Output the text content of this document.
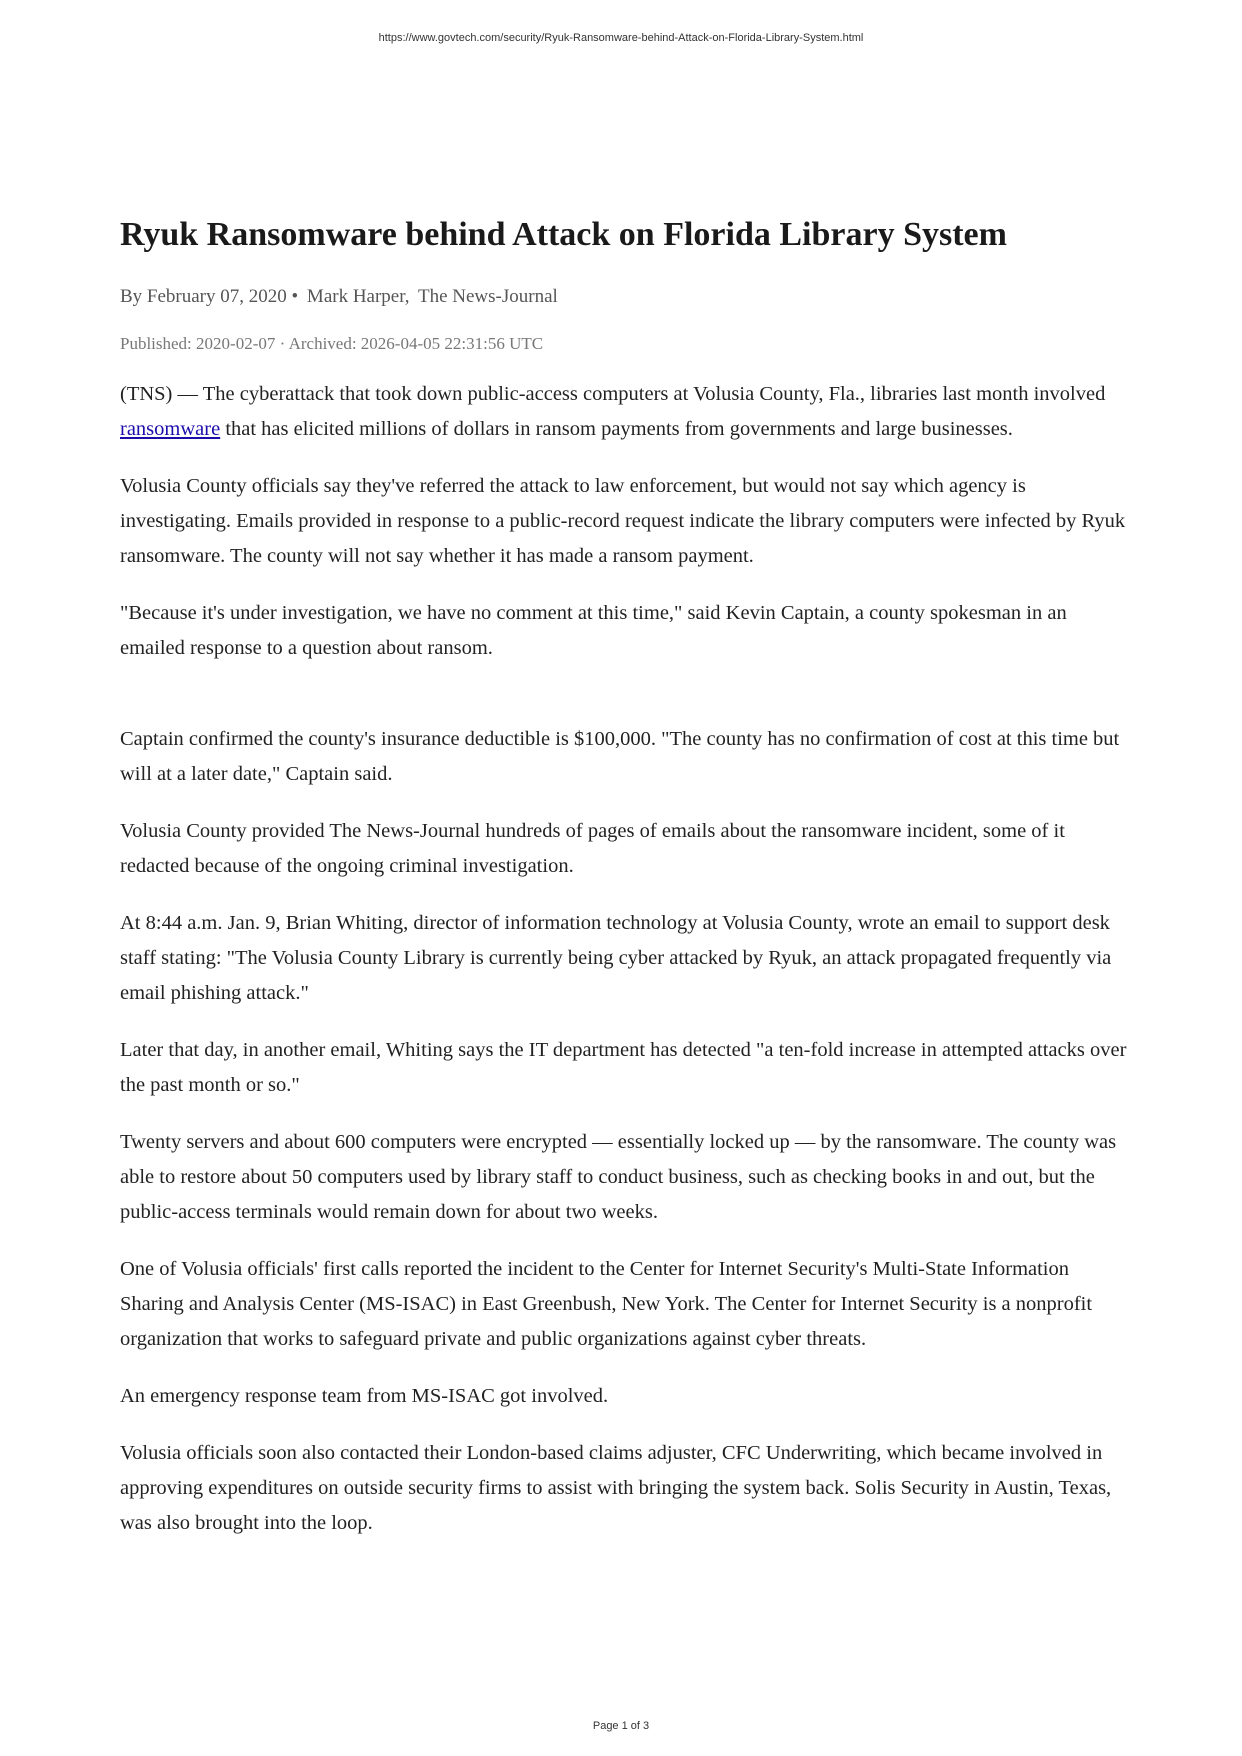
https://www.govtech.com/security/Ryuk-Ransomware-behind-Attack-on-Florida-Library-System.html

Ryuk Ransomware behind Attack on Florida Library System

By February 07, 2020 • Mark Harper, The News-Journal

Published: 2020-02-07 · Archived: 2026-04-05 22:31:56 UTC

(TNS) — The cyberattack that took down public-access computers at Volusia County, Fla., libraries last month involved ransomware that has elicited millions of dollars in ransom payments from governments and large businesses.

Volusia County officials say they've referred the attack to law enforcement, but would not say which agency is investigating. Emails provided in response to a public-record request indicate the library computers were infected by Ryuk ransomware. The county will not say whether it has made a ransom payment.

"Because it's under investigation, we have no comment at this time," said Kevin Captain, a county spokesman in an emailed response to a question about ransom.

Captain confirmed the county's insurance deductible is $100,000. "The county has no confirmation of cost at this time but will at a later date," Captain said.

Volusia County provided The News-Journal hundreds of pages of emails about the ransomware incident, some of it redacted because of the ongoing criminal investigation.

At 8:44 a.m. Jan. 9, Brian Whiting, director of information technology at Volusia County, wrote an email to support desk staff stating: "The Volusia County Library is currently being cyber attacked by Ryuk, an attack propagated frequently via email phishing attack."

Later that day, in another email, Whiting says the IT department has detected "a ten-fold increase in attempted attacks over the past month or so."

Twenty servers and about 600 computers were encrypted — essentially locked up — by the ransomware. The county was able to restore about 50 computers used by library staff to conduct business, such as checking books in and out, but the public-access terminals would remain down for about two weeks.

One of Volusia officials' first calls reported the incident to the Center for Internet Security's Multi-State Information Sharing and Analysis Center (MS-ISAC) in East Greenbush, New York. The Center for Internet Security is a nonprofit organization that works to safeguard private and public organizations against cyber threats.

An emergency response team from MS-ISAC got involved.

Volusia officials soon also contacted their London-based claims adjuster, CFC Underwriting, which became involved in approving expenditures on outside security firms to assist with bringing the system back. Solis Security in Austin, Texas, was also brought into the loop.

Page 1 of 3
